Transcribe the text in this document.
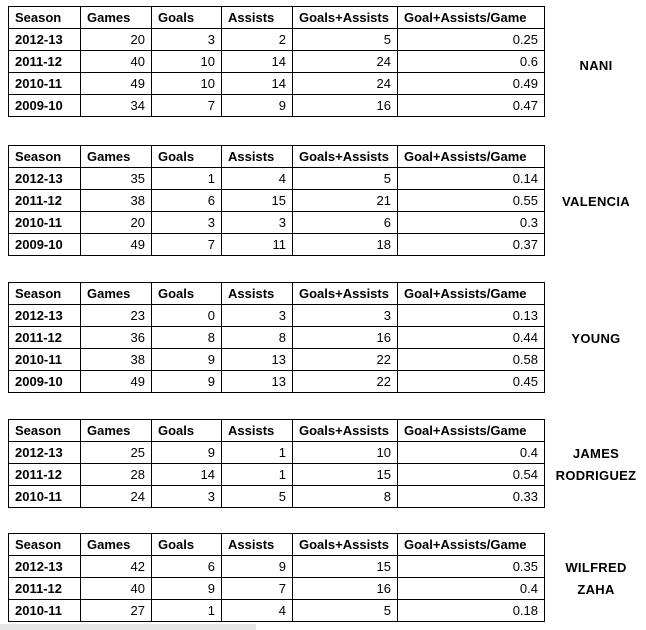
Season	Games	Goals	Assists	Goals+Assists	Goal+Assists/Game
2012-13	20	3	2	5	0.25
2011-12	40	10	14	24	0.6
2010-11	49	10	14	24	0.49
2009-10	34	7	9	16	0.47
NANI
Season	Games	Goals	Assists	Goals+Assists	Goal+Assists/Game
2012-13	35	1	4	5	0.14
2011-12	38	6	15	21	0.55
2010-11	20	3	3	6	0.3
2009-10	49	7	11	18	0.37
VALENCIA
Season	Games	Goals	Assists	Goals+Assists	Goal+Assists/Game
2012-13	23	0	3	3	0.13
2011-12	36	8	8	16	0.44
2010-11	38	9	13	22	0.58
2009-10	49	9	13	22	0.45
YOUNG
Season	Games	Goals	Assists	Goals+Assists	Goal+Assists/Game
2012-13	25	9	1	10	0.4
2011-12	28	14	1	15	0.54
2010-11	24	3	5	8	0.33
JAMES
RODRIGUEZ
Season	Games	Goals	Assists	Goals+Assists	Goal+Assists/Game
2012-13	42	6	9	15	0.35
2011-12	40	9	7	16	0.4
2010-11	27	1	4	5	0.18
WILFRED
ZAHA
